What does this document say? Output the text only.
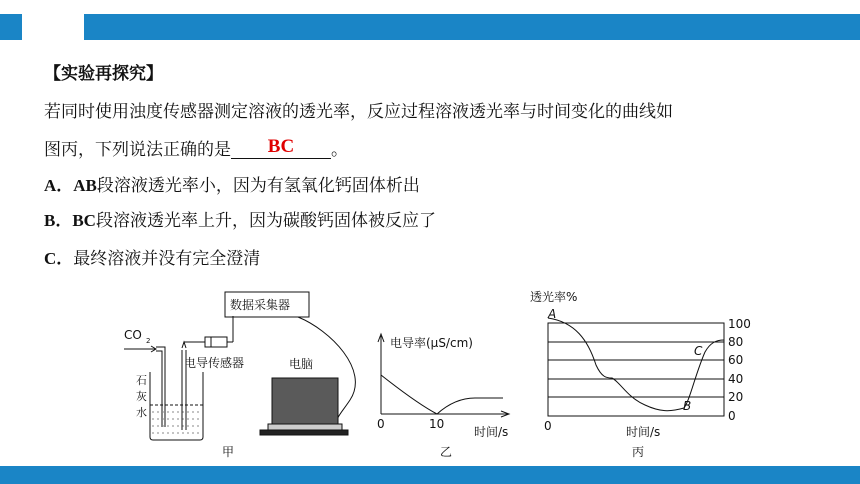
【实验再探究】
若同时使用浊度传感器测定溶液的透光率，反应过程溶液透光率与时间变化的曲线如
图丙，下列说法正确的是 BC 。
A．AB段溶液透光率小，因为有氢氧化钙固体析出
B．BC段溶液透光率上升，因为碳酸钙固体被反应了
C．最终溶液并没有完全澄清
CO 2
石
灰
水
电导传感器
数据采集器
电脑
甲
电导率(μS/cm)
时间/s
0	10
乙
透光率%
100
80
60
40
20
0
0	时间/s
丙
A
B
C
